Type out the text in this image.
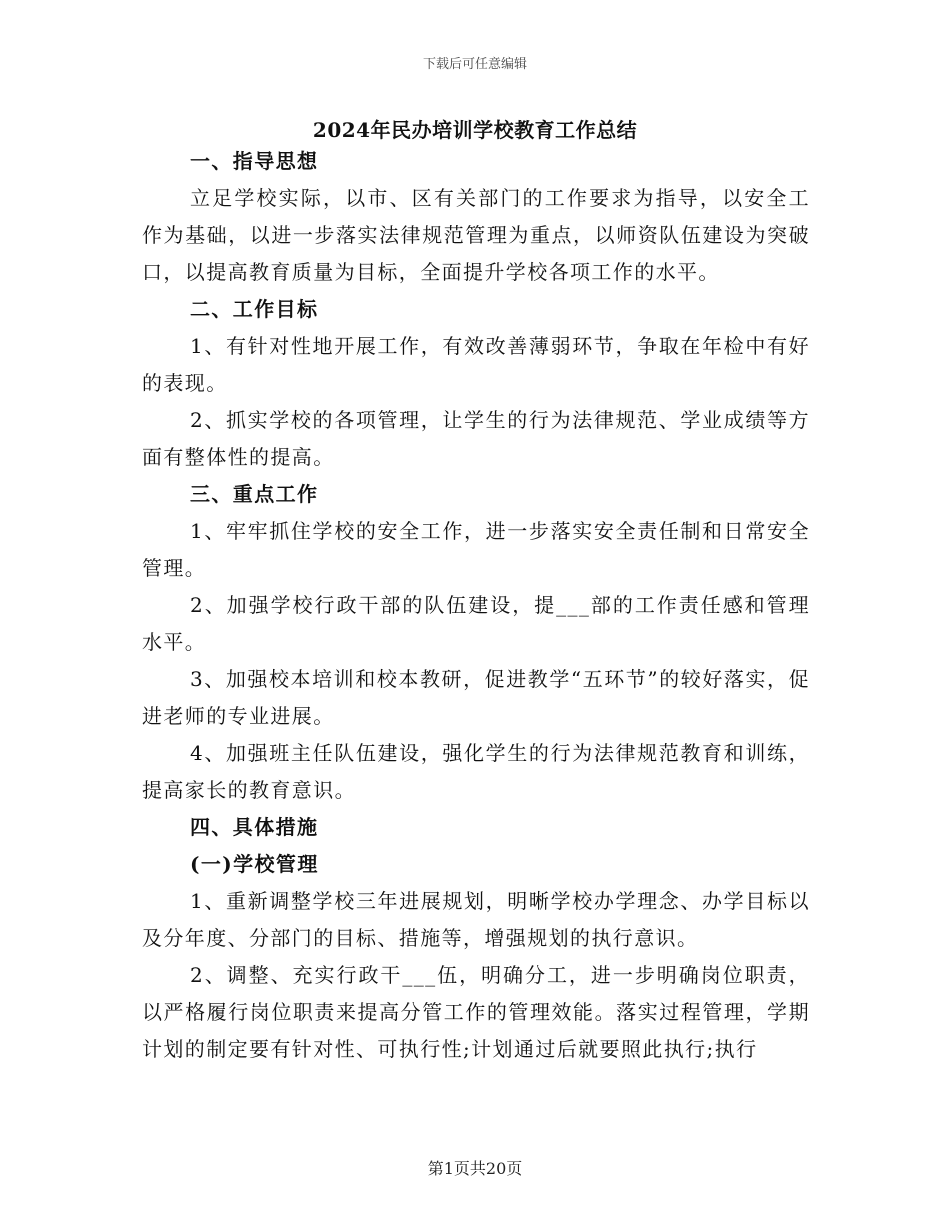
下载后可任意编辑
2024年民办培训学校教育工作总结

一、指导思想

立足学校实际，以市、区有关部门的工作要求为指导，以安全工作为基础，以进一步落实法律规范管理为重点，以师资队伍建设为突破口，以提高教育质量为目标，全面提升学校各项工作的水平。

二、工作目标

1、有针对性地开展工作，有效改善薄弱环节，争取在年检中有好的表现。

2、抓实学校的各项管理，让学生的行为法律规范、学业成绩等方面有整体性的提高。

三、重点工作

1、牢牢抓住学校的安全工作，进一步落实安全责任制和日常安全管理。

2、加强学校行政干部的队伍建设，提___部的工作责任感和管理水平。

3、加强校本培训和校本教研，促进教学“五环节”的较好落实，促进老师的专业进展。

4、加强班主任队伍建设，强化学生的行为法律规范教育和训练，提高家长的教育意识。

四、具体措施

(一)学校管理

1、重新调整学校三年进展规划，明晰学校办学理念、办学目标以及分年度、分部门的目标、措施等，增强规划的执行意识。

2、调整、充实行政干___伍，明确分工，进一步明确岗位职责，以严格履行岗位职责来提高分管工作的管理效能。落实过程管理，学期计划的制定要有针对性、可执行性;计划通过后就要照此执行;执行

第1页共20页
